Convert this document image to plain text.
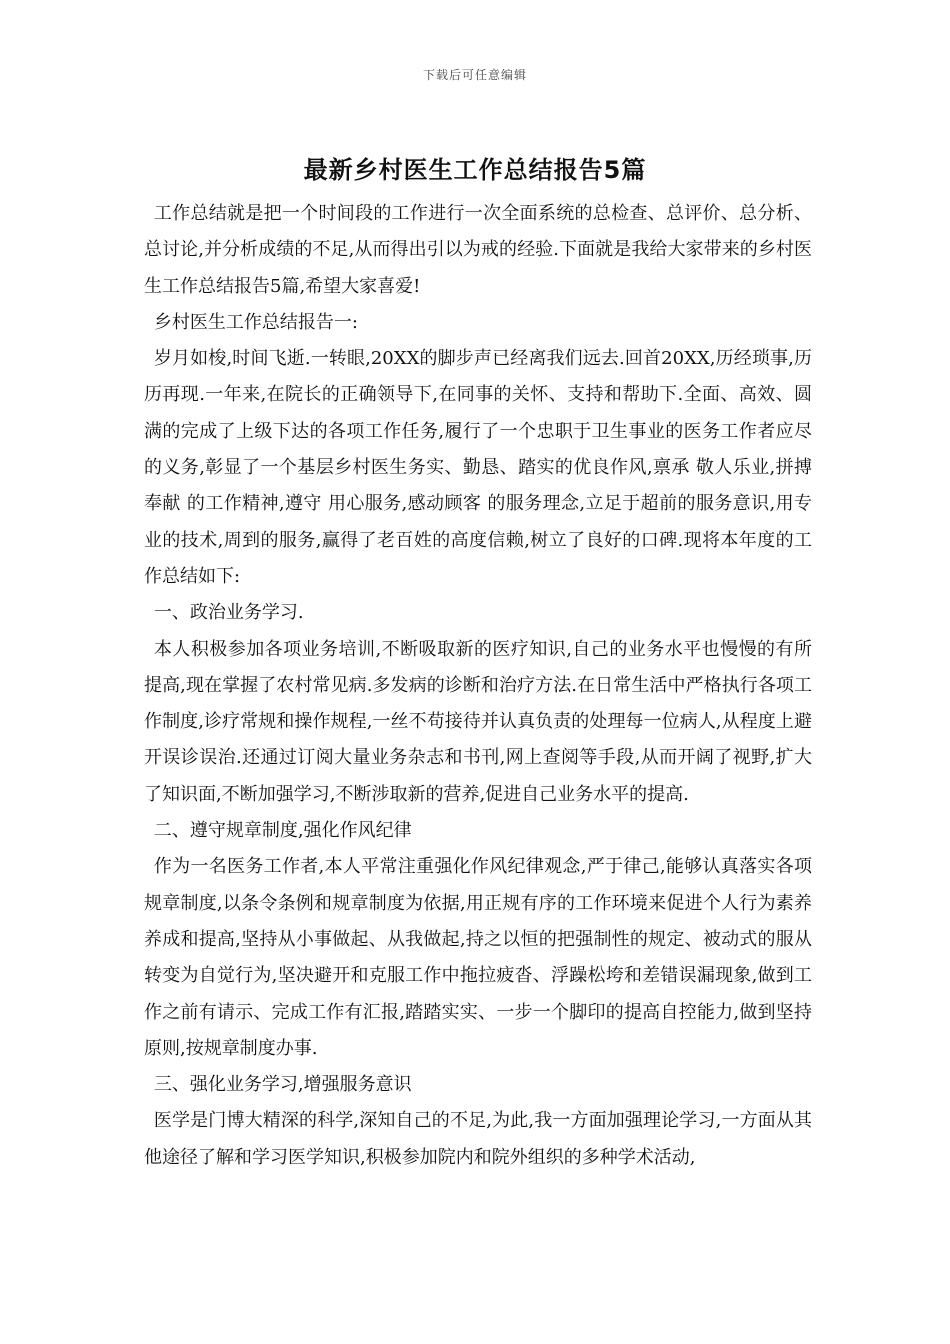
下载后可任意编辑
最新乡村医生工作总结报告5篇

工作总结就是把一个时间段的工作进行一次全面系统的总检查、总评价、总分析、总讨论,并分析成绩的不足,从而得出引以为戒的经验.下面就是我给大家带来的乡村医生工作总结报告5篇,希望大家喜爱!

乡村医生工作总结报告一:

岁月如梭,时间飞逝.一转眼,20XX的脚步声已经离我们远去.回首20XX,历经琐事,历历再现.一年来,在院长的正确领导下,在同事的关怀、支持和帮助下.全面、高效、圆满的完成了上级下达的各项工作任务,履行了一个忠职于卫生事业的医务工作者应尽的义务,彰显了一个基层乡村医生务实、勤恳、踏实的优良作风,禀承 敬人乐业,拼搏奉献 的工作精神,遵守 用心服务,感动顾客 的服务理念,立足于超前的服务意识,用专业的技术,周到的服务,赢得了老百姓的高度信赖,树立了良好的口碑.现将本年度的工作总结如下:

一、政治业务学习.

本人积极参加各项业务培训,不断吸取新的医疗知识,自己的业务水平也慢慢的有所提高,现在掌握了农村常见病.多发病的诊断和治疗方法.在日常生活中严格执行各项工作制度,诊疗常规和操作规程,一丝不苟接待并认真负责的处理每一位病人,从程度上避开误诊误治.还通过订阅大量业务杂志和书刊,网上查阅等手段,从而开阔了视野,扩大了知识面,不断加强学习,不断涉取新的营养,促进自己业务水平的提高.

二、遵守规章制度,强化作风纪律

作为一名医务工作者,本人平常注重强化作风纪律观念,严于律己,能够认真落实各项规章制度,以条令条例和规章制度为依据,用正规有序的工作环境来促进个人行为素养养成和提高,坚持从小事做起、从我做起,持之以恒的把强制性的规定、被动式的服从转变为自觉行为,坚决避开和克服工作中拖拉疲沓、浮躁松垮和差错误漏现象,做到工作之前有请示、完成工作有汇报,踏踏实实、一步一个脚印的提高自控能力,做到坚持原则,按规章制度办事.

三、强化业务学习,增强服务意识

医学是门博大精深的科学,深知自己的不足,为此,我一方面加强理论学习,一方面从其他途径了解和学习医学知识,积极参加院内和院外组织的多种学术活动,
